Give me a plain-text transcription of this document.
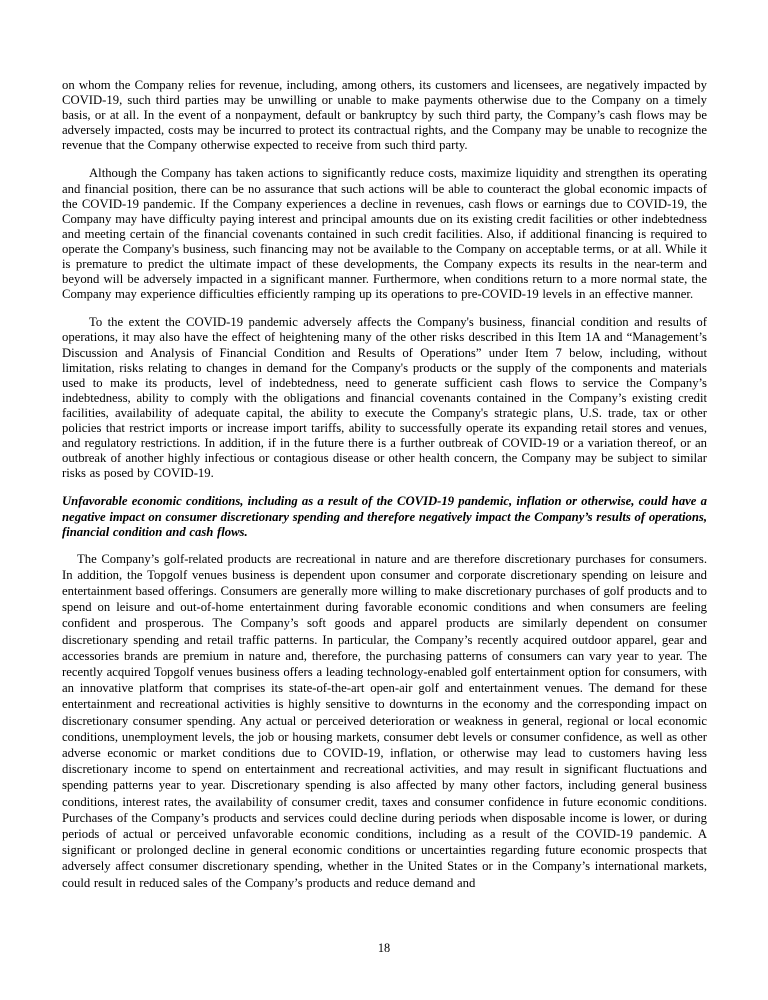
on whom the Company relies for revenue, including, among others, its customers and licensees, are negatively impacted by COVID-19, such third parties may be unwilling or unable to make payments otherwise due to the Company on a timely basis, or at all. In the event of a nonpayment, default or bankruptcy by such third party, the Company’s cash flows may be adversely impacted, costs may be incurred to protect its contractual rights, and the Company may be unable to recognize the revenue that the Company otherwise expected to receive from such third party.

Although the Company has taken actions to significantly reduce costs, maximize liquidity and strengthen its operating and financial position, there can be no assurance that such actions will be able to counteract the global economic impacts of the COVID-19 pandemic. If the Company experiences a decline in revenues, cash flows or earnings due to COVID-19, the Company may have difficulty paying interest and principal amounts due on its existing credit facilities or other indebtedness and meeting certain of the financial covenants contained in such credit facilities. Also, if additional financing is required to operate the Company's business, such financing may not be available to the Company on acceptable terms, or at all. While it is premature to predict the ultimate impact of these developments, the Company expects its results in the near-term and beyond will be adversely impacted in a significant manner. Furthermore, when conditions return to a more normal state, the Company may experience difficulties efficiently ramping up its operations to pre-COVID-19 levels in an effective manner.

To the extent the COVID-19 pandemic adversely affects the Company's business, financial condition and results of operations, it may also have the effect of heightening many of the other risks described in this Item 1A and “Management’s Discussion and Analysis of Financial Condition and Results of Operations” under Item 7 below, including, without limitation, risks relating to changes in demand for the Company's products or the supply of the components and materials used to make its products, level of indebtedness, need to generate sufficient cash flows to service the Company’s indebtedness, ability to comply with the obligations and financial covenants contained in the Company’s existing credit facilities, availability of adequate capital, the ability to execute the Company's strategic plans, U.S. trade, tax or other policies that restrict imports or increase import tariffs, ability to successfully operate its expanding retail stores and venues, and regulatory restrictions. In addition, if in the future there is a further outbreak of COVID-19 or a variation thereof, or an outbreak of another highly infectious or contagious disease or other health concern, the Company may be subject to similar risks as posed by COVID-19.

Unfavorable economic conditions, including as a result of the COVID-19 pandemic, inflation or otherwise, could have a negative impact on consumer discretionary spending and therefore negatively impact the Company’s results of operations, financial condition and cash flows.

The Company’s golf-related products are recreational in nature and are therefore discretionary purchases for consumers. In addition, the Topgolf venues business is dependent upon consumer and corporate discretionary spending on leisure and entertainment based offerings. Consumers are generally more willing to make discretionary purchases of golf products and to spend on leisure and out-of-home entertainment during favorable economic conditions and when consumers are feeling confident and prosperous. The Company’s soft goods and apparel products are similarly dependent on consumer discretionary spending and retail traffic patterns. In particular, the Company’s recently acquired outdoor apparel, gear and accessories brands are premium in nature and, therefore, the purchasing patterns of consumers can vary year to year. The recently acquired Topgolf venues business offers a leading technology-enabled golf entertainment option for consumers, with an innovative platform that comprises its state-of-the-art open-air golf and entertainment venues. The demand for these entertainment and recreational activities is highly sensitive to downturns in the economy and the corresponding impact on discretionary consumer spending. Any actual or perceived deterioration or weakness in general, regional or local economic conditions, unemployment levels, the job or housing markets, consumer debt levels or consumer confidence, as well as other adverse economic or market conditions due to COVID-19, inflation, or otherwise may lead to customers having less discretionary income to spend on entertainment and recreational activities, and may result in significant fluctuations and spending patterns year to year. Discretionary spending is also affected by many other factors, including general business conditions, interest rates, the availability of consumer credit, taxes and consumer confidence in future economic conditions. Purchases of the Company’s products and services could decline during periods when disposable income is lower, or during periods of actual or perceived unfavorable economic conditions, including as a result of the COVID-19 pandemic. A significant or prolonged decline in general economic conditions or uncertainties regarding future economic prospects that adversely affect consumer discretionary spending, whether in the United States or in the Company’s international markets, could result in reduced sales of the Company’s products and reduce demand and

18
